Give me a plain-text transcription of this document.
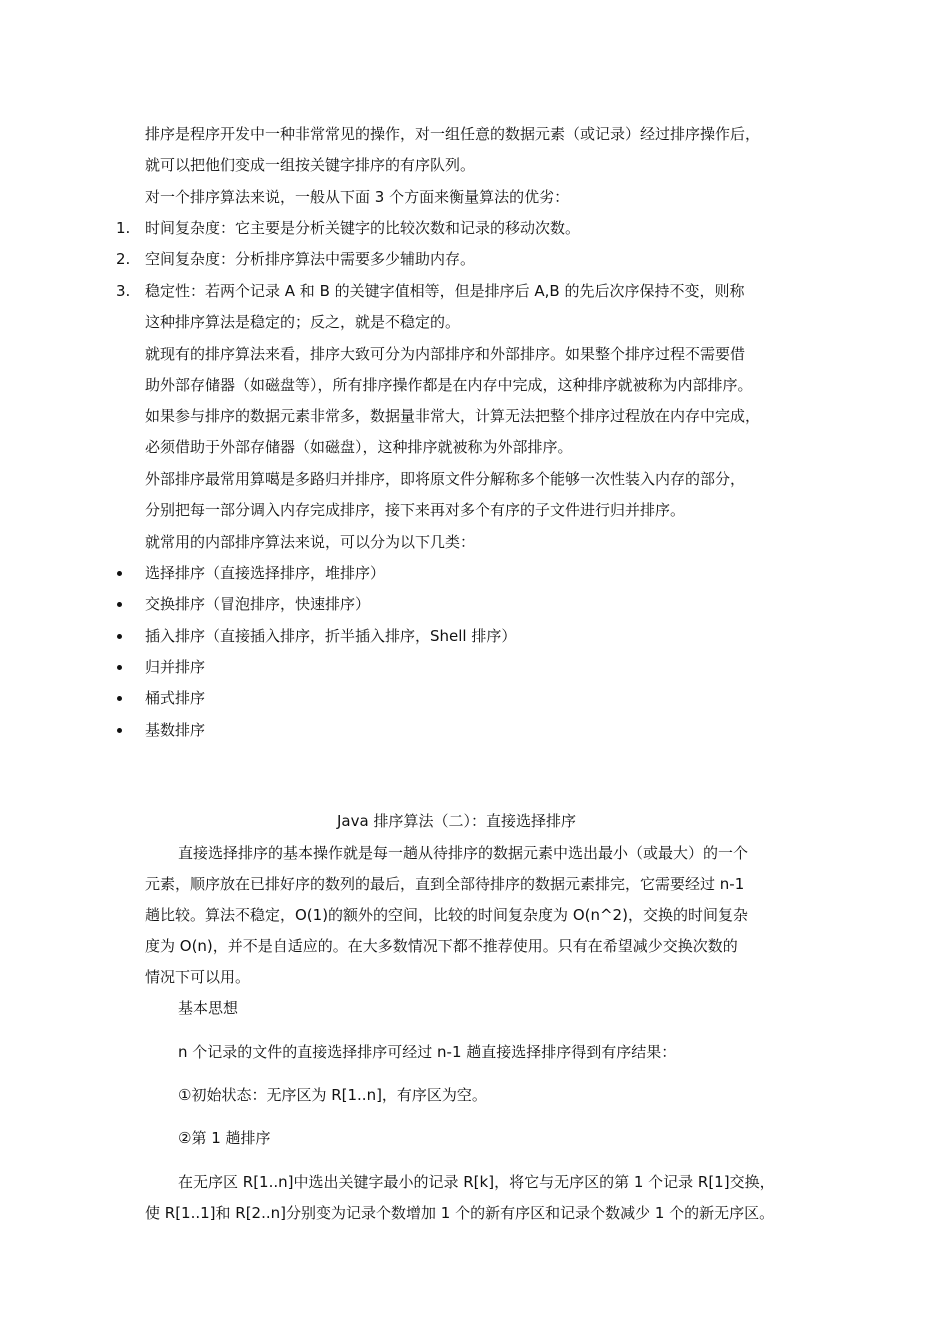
排序是程序开发中一种非常常见的操作，对一组任意的数据元素（或记录）经过排序操作后，
就可以把他们变成一组按关键字排序的有序队列。
对一个排序算法来说，一般从下面 3 个方面来衡量算法的优劣：
1. 时间复杂度：它主要是分析关键字的比较次数和记录的移动次数。
2. 空间复杂度：分析排序算法中需要多少辅助内存。
3. 稳定性：若两个记录 A 和 B 的关键字值相等，但是排序后 A,B 的先后次序保持不变，则称
这种排序算法是稳定的；反之，就是不稳定的。
就现有的排序算法来看，排序大致可分为内部排序和外部排序。如果整个排序过程不需要借
助外部存储器（如磁盘等），所有排序操作都是在内存中完成，这种排序就被称为内部排序。
如果参与排序的数据元素非常多，数据量非常大，计算无法把整个排序过程放在内存中完成，
必须借助于外部存储器（如磁盘），这种排序就被称为外部排序。
外部排序最常用算噶是多路归并排序，即将原文件分解称多个能够一次性装入内存的部分，
分别把每一部分调入内存完成排序，接下来再对多个有序的子文件进行归并排序。
就常用的内部排序算法来说，可以分为以下几类：
选择排序（直接选择排序，堆排序）
交换排序（冒泡排序，快速排序）
插入排序（直接插入排序，折半插入排序，Shell 排序）
归并排序
桶式排序
基数排序
Java 排序算法（二）：直接选择排序
直接选择排序的基本操作就是每一趟从待排序的数据元素中选出最小（或最大）的一个
元素，顺序放在已排好序的数列的最后，直到全部待排序的数据元素排完，它需要经过 n-1
趟比较。算法不稳定，O(1)的额外的空间，比较的时间复杂度为 O(n^2)，交换的时间复杂
度为 O(n)，并不是自适应的。在大多数情况下都不推荐使用。只有在希望减少交换次数的
情况下可以用。
基本思想
n 个记录的文件的直接选择排序可经过 n-1 趟直接选择排序得到有序结果：
①初始状态：无序区为 R[1..n]，有序区为空。
②第 1 趟排序
在无序区 R[1..n]中选出关键字最小的记录 R[k]，将它与无序区的第 1 个记录 R[1]交换，
使 R[1..1]和 R[2..n]分别变为记录个数增加 1 个的新有序区和记录个数减少 1 个的新无序区。
